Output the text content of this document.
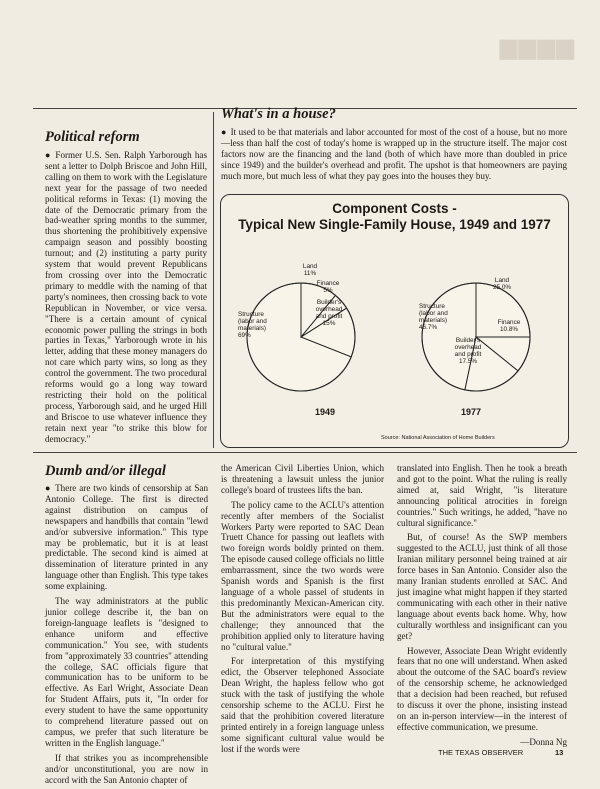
▆▆▆▆
Political reform

● Former U.S. Sen. Ralph Yarborough has sent a letter to Dolph Briscoe and John Hill, calling on them to work with the Legislature next year for the passage of two needed political reforms in Texas: (1) moving the date of the Democratic primary from the bad-weather spring months to the summer, thus shortening the prohibitively expensive campaign season and possibly boosting turnout; and (2) instituting a party purity system that would prevent Republicans from crossing over into the Democratic primary to meddle with the naming of that party's nominees, then crossing back to vote Republican in November, or vice versa. "There is a certain amount of cynical economic power pulling the strings in both parties in Texas," Yarborough wrote in his letter, adding that these money managers do not care which party wins, so long as they control the government. The two procedural reforms would go a long way toward restricting their hold on the political process, Yarborough said, and he urged Hill and Briscoe to use whatever influence they retain next year "to strike this blow for democracy."

What's in a house?

● It used to be that materials and labor accounted for most of the cost of a house, but no more—less than half the cost of today's home is wrapped up in the structure itself. The major cost factors now are the financing and the land (both of which have more than doubled in price since 1949) and the builder's overhead and profit. The upshot is that homeowners are paying much more, but much less of what they pay goes into the houses they buy.

Component Costs -
Typical New Single-Family House, 1949 and 1977
Land
11%
Finance
5%
Builder's
overhead
and profit
15%
Structure
(labor and
materials)
69%
1949
Land
25.0%
Finance
10.8%
Builder's
overhead
and profit
17.5%
Structure
(labor and
materials)
46.7%
1977
Source: National Association of Home Builders
Dumb and/or illegal

● There are two kinds of censorship at San Antonio College. The first is directed against distribution on campus of newspapers and handbills that contain "lewd and/or subversive information." This type may be problematic, but it is at least predictable. The second kind is aimed at dissemination of literature printed in any language other than English. This type takes some explaining.

The way administrators at the public junior college describe it, the ban on foreign-language leaflets is "designed to enhance uniform and effective communication." You see, with students from "approximately 33 countries" attending the college, SAC officials figure that communication has to be uniform to be effective. As Earl Wright, Associate Dean for Student Affairs, puts it, "In order for every student to have the same opportunity to comprehend literature passed out on campus, we prefer that such literature be written in the English language."

If that strikes you as incomprehensible and/or unconstitutional, you are now in accord with the San Antonio chapter of

the American Civil Liberties Union, which is threatening a lawsuit unless the junior college's board of trustees lifts the ban.

The policy came to the ACLU's attention recently after members of the Socialist Workers Party were reported to SAC Dean Truett Chance for passing out leaflets with two foreign words boldly printed on them. The episode caused college officials no little embarrassment, since the two words were Spanish words and Spanish is the first language of a whole passel of students in this predominantly Mexican-American city. But the administrators were equal to the challenge; they announced that the prohibition applied only to literature having no "cultural value."

For interpretation of this mystifying edict, the Observer telephoned Associate Dean Wright, the hapless fellow who got stuck with the task of justifying the whole censorship scheme to the ACLU. First he said that the prohibition covered literature printed entirely in a foreign language unless some significant cultural value would be lost if the words were

translated into English. Then he took a breath and got to the point. What the ruling is really aimed at, said Wright, "is literature announcing political atrocities in foreign countries." Such writings, he added, "have no cultural significance."

But, of course! As the SWP members suggested to the ACLU, just think of all those Iranian military personnel being trained at air force bases in San Antonio. Consider also the many Iranian students enrolled at SAC. And just imagine what might happen if they started communicating with each other in their native language about events back home. Why, how culturally worthless and insignificant can you get?

However, Associate Dean Wright evidently fears that no one will understand. When asked about the outcome of the SAC board's review of the censorship scheme, he acknowledged that a decision had been reached, but refused to discuss it over the phone, insisting instead on an in-person interview—in the interest of effective communication, we presume.

—Donna Ng
THE TEXAS OBSERVER	13
